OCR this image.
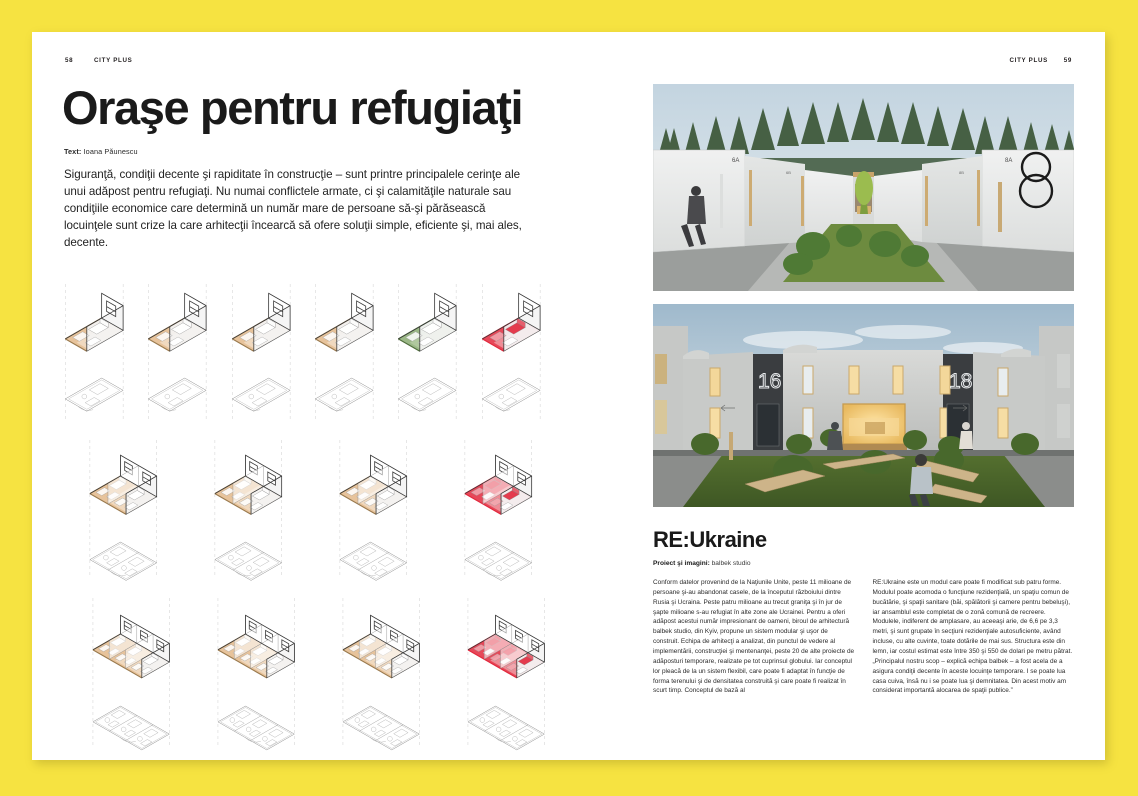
58	CITY PLUS
Oraşe pentru refugiaţi
Text: Ioana Păunescu

Siguranţă, condiţii decente şi rapiditate în construcţie – sunt printre principalele cerinţe ale unui adăpost pentru refugiaţi. Nu numai conflictele armate, ci şi calamităţile naturale sau condiţiile economice care determină un număr mare de persoane să-şi părăsească locuinţele sunt crize la care arhitecţii încearcă să ofere soluţii simple, eficiente şi, mai ales, decente.

CITY PLUS	59
6A
6B	8B
8A
16	18
RE:Ukraine
Proiect şi imagini: balbek studio

Conform datelor provenind de la Naţiunile Unite, peste 11 milioane de persoane şi-au abandonat casele, de la începutul războiului dintre Rusia şi Ucraina. Peste patru milioane au trecut graniţa şi în jur de şapte milioane s-au refugiat în alte zone ale Ucrainei. Pentru a oferi adăpost acestui număr impresionant de oameni, biroul de arhitectură balbek studio, din Kyiv, propune un sistem modular şi uşor de construit. Echipa de arhitecţi a analizat, din punctul de vedere al implementării, construcţiei şi mentenanţei, peste 20 de alte proiecte de adăposturi temporare, realizate pe tot cuprinsul globului. Iar conceptul lor pleacă de la un sistem flexibil, care poate fi adaptat în funcţie de forma terenului şi de densitatea construită şi care poate fi realizat în scurt timp. Conceptul de bază al

RE:Ukraine este un modul care poate fi modificat sub patru forme. Modulul poate acomoda o funcţiune rezidenţială, un spaţiu comun de bucătărie, şi spaţii sanitare (băi, spălătorii şi camere pentru bebeluşi), iar ansamblul este completat de o zonă comună de recreere. Modulele, indiferent de amplasare, au aceeaşi arie, de 6,6 pe 3,3 metri, şi sunt grupate în secţiuni rezidenţiale autosuficiente, având incluse, cu alte cuvinte, toate dotările de mai sus. Structura este din lemn, iar costul estimat este între 350 şi 550 de dolari pe metru pătrat. „Principalul nostru scop – explică echipa balbek – a fost acela de a asigura condiţii decente în aceste locuinţe temporare. I se poate lua casa cuiva, însă nu i se poate lua şi demnitatea. Din acest motiv am considerat importantă alocarea de spaţii publice.”
